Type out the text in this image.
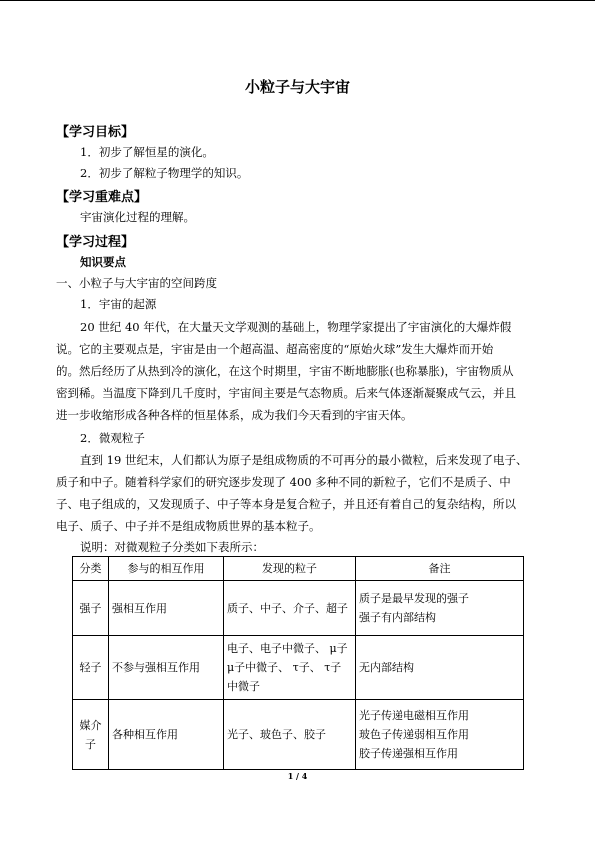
小粒子与大宇宙
【学习目标】
1．初步了解恒星的演化。
2．初步了解粒子物理学的知识。
【学习重难点】
宇宙演化过程的理解。
【学习过程】
知识要点
一、小粒子与大宇宙的空间跨度
1．宇宙的起源
20 世纪 40 年代，在大量天文学观测的基础上，物理学家提出了宇宙演化的大爆炸假
说。它的主要观点是，宇宙是由一个超高温、超高密度的“原始火球”发生大爆炸而开始
的。然后经历了从热到冷的演化，在这个时期里，宇宙不断地膨胀(也称暴胀)，宇宙物质从
密到稀。当温度下降到几千度时，宇宙间主要是气态物质。后来气体逐渐凝聚成气云，并且
进一步收缩形成各种各样的恒星体系，成为我们今天看到的宇宙天体。
2．微观粒子
直到 19 世纪末，人们都认为原子是组成物质的不可再分的最小微粒，后来发现了电子、
质子和中子。随着科学家们的研究逐步发现了 400 多种不同的新粒子，它们不是质子、中
子、电子组成的，又发现质子、中子等本身是复合粒子，并且还有着自己的复杂结构，所以
电子、质子、中子并不是组成物质世界的基本粒子。
说明：对微观粒子分类如下表所示：
分类	参与的相互作用	发现的粒子	备注
强子	强相互作用	质子、中子、介子、超子	质子是最早发现的强子
强子有内部结构

轻子	不参与强相互作用	电子、电子中微子、 μ子
μ子中微子、 τ子、 τ子
中微子	无内部结构
媒介子	各种相互作用	光子、玻色子、胶子	光子传递电磁相互作用
玻色子传递弱相互作用
胶子传递强相互作用
1 / 4
